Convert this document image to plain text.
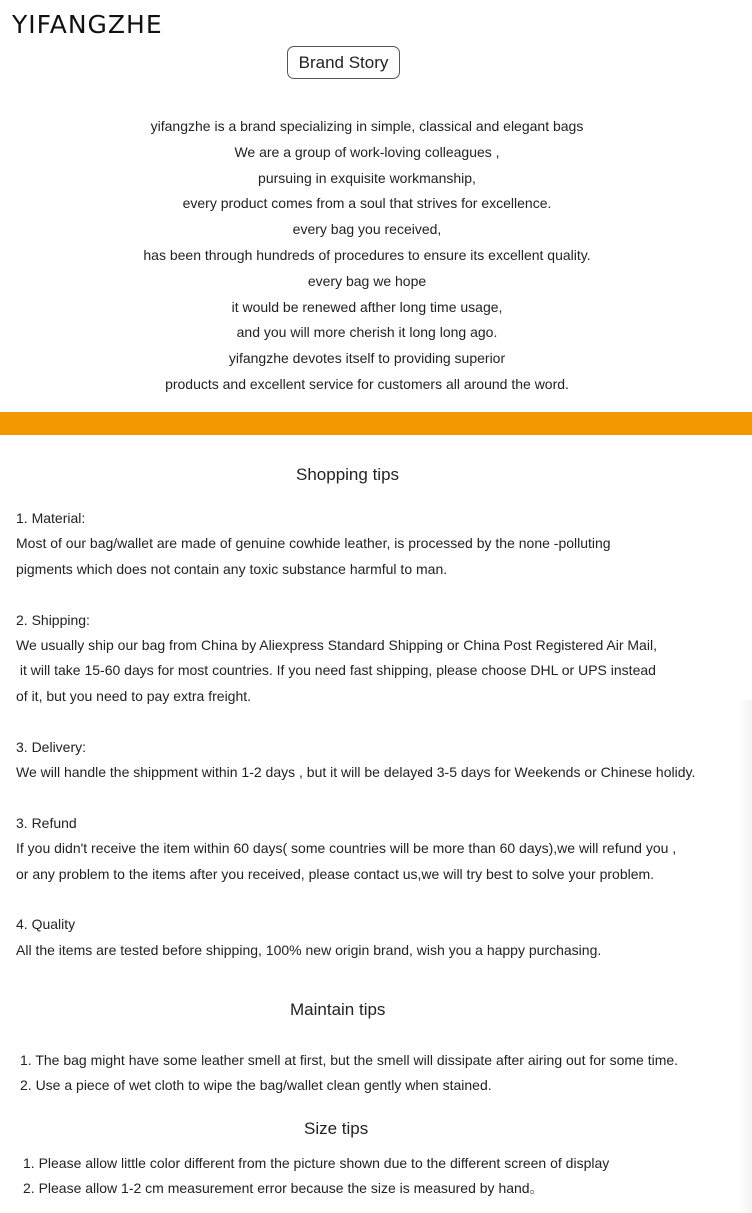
YIFANGZHE
Brand Story
yifangzhe is a brand specializing in simple, classical and elegant bags
We are a group of work-loving colleagues ,
pursuing in exquisite workmanship,
every product comes from a soul that strives for excellence.
every bag you received,
has been through hundreds of procedures to ensure its excellent quality.
every bag we hope
it would be renewed afther long time usage,
and you will more cherish it long long ago.
yifangzhe devotes itself to providing superior
products and excellent service for customers all around the word.
Shopping tips
1. Material:
Most of our bag/wallet are made of genuine cowhide leather, is processed by the none -polluting
pigments which does not contain any toxic substance harmful to man.
2. Shipping:
We usually ship our bag from China by Aliexpress Standard Shipping or China Post Registered Air Mail,
it will take 15-60 days for most countries. If you need fast shipping, please choose DHL or UPS instead
of it, but you need to pay extra freight.
3. Delivery:
We will handle the shippment within 1-2 days , but it will be delayed 3-5 days for Weekends or Chinese holidy.
3. Refund
If you didn't receive the item within 60 days( some countries will be more than 60 days),we will refund you ,
or any problem to the items after you received, please contact us,we will try best to solve your problem.
4. Quality
All the items are tested before shipping, 100% new origin brand, wish you a happy purchasing.
Maintain tips
1. The bag might have some leather smell at first, but the smell will dissipate after airing out for some time.
2. Use a piece of wet cloth to wipe the bag/wallet clean gently when stained.
Size tips
1. Please allow little color different from the picture shown due to the different screen of display
2. Please allow 1-2 cm measurement error because the size is measured by hand。
